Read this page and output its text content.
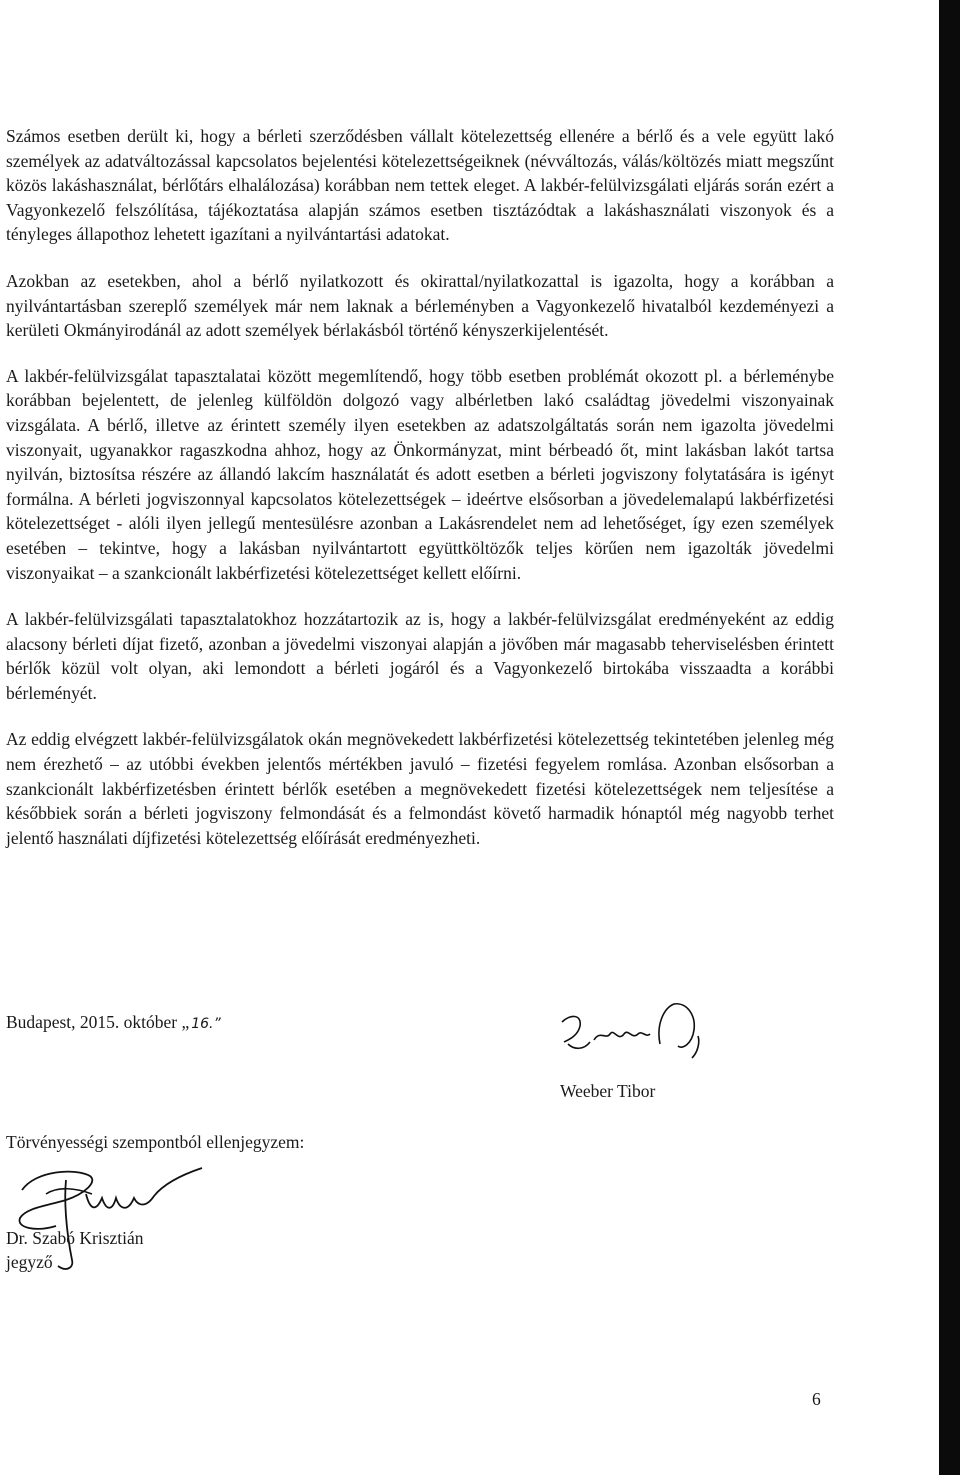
Számos esetben derült ki, hogy a bérleti szerződésben vállalt kötelezettség ellenére a bérlő és a vele együtt lakó személyek az adatváltozással kapcsolatos bejelentési kötelezettségeiknek (névváltozás, válás/költözés miatt megszűnt közös lakáshasználat, bérlőtárs elhalálozása) korábban nem tettek eleget. A lakbér-felülvizsgálati eljárás során ezért a Vagyonkezelő felszólítása, tájékoztatása alapján számos esetben tisztázódtak a lakáshasználati viszonyok és a tényleges állapothoz lehetett igazítani a nyilvántartási adatokat.

Azokban az esetekben, ahol a bérlő nyilatkozott és okirattal/nyilatkozattal is igazolta, hogy a korábban a nyilvántartásban szereplő személyek már nem laknak a bérleményben a Vagyonkezelő hivatalból kezdeményezi a kerületi Okmányirodánál az adott személyek bérlakásból történő kényszerkijelentését.

A lakbér-felülvizsgálat tapasztalatai között megemlítendő, hogy több esetben problémát okozott pl. a bérleménybe korábban bejelentett, de jelenleg külföldön dolgozó vagy albérletben lakó családtag jövedelmi viszonyainak vizsgálata. A bérlő, illetve az érintett személy ilyen esetekben az adatszolgáltatás során nem igazolta jövedelmi viszonyait, ugyanakkor ragaszkodna ahhoz, hogy az Önkormányzat, mint bérbeadó őt, mint lakásban lakót tartsa nyilván, biztosítsa részére az állandó lakcím használatát és adott esetben a bérleti jogviszony folytatására is igényt formálna. A bérleti jogviszonnyal kapcsolatos kötelezettségek – ideértve elsősorban a jövedelemalapú lakbérfizetési kötelezettséget - alóli ilyen jellegű mentesülésre azonban a Lakásrendelet nem ad lehetőséget, így ezen személyek esetében – tekintve, hogy a lakásban nyilvántartott együttköltözők teljes körűen nem igazolták jövedelmi viszonyaikat – a szankcionált lakbérfizetési kötelezettséget kellett előírni.

A lakbér-felülvizsgálati tapasztalatokhoz hozzátartozik az is, hogy a lakbér-felülvizsgálat eredményeként az eddig alacsony bérleti díjat fizető, azonban a jövedelmi viszonyai alapján a jövőben már magasabb teherviselésben érintett bérlők közül volt olyan, aki lemondott a bérleti jogáról és a Vagyonkezelő birtokába visszaadta a korábbi bérleményét.

Az eddig elvégzett lakbér-felülvizsgálatok okán megnövekedett lakbérfizetési kötelezettség tekintetében jelenleg még nem érezhető – az utóbbi években jelentős mértékben javuló – fizetési fegyelem romlása. Azonban elsősorban a szankcionált lakbérfizetésben érintett bérlők esetében a megnövekedett fizetési kötelezettségek nem teljesítése a későbbiek során a bérleti jogviszony felmondását és a felmondást követő harmadik hónaptól még nagyobb terhet jelentő használati díjfizetési kötelezettség előírását eredményezheti.

Budapest, 2015. október „ 16.”
Weeber Tibor
Törvényességi szempontból ellenjegyzem:
Dr. Szabó Krisztián
jegyző
6
